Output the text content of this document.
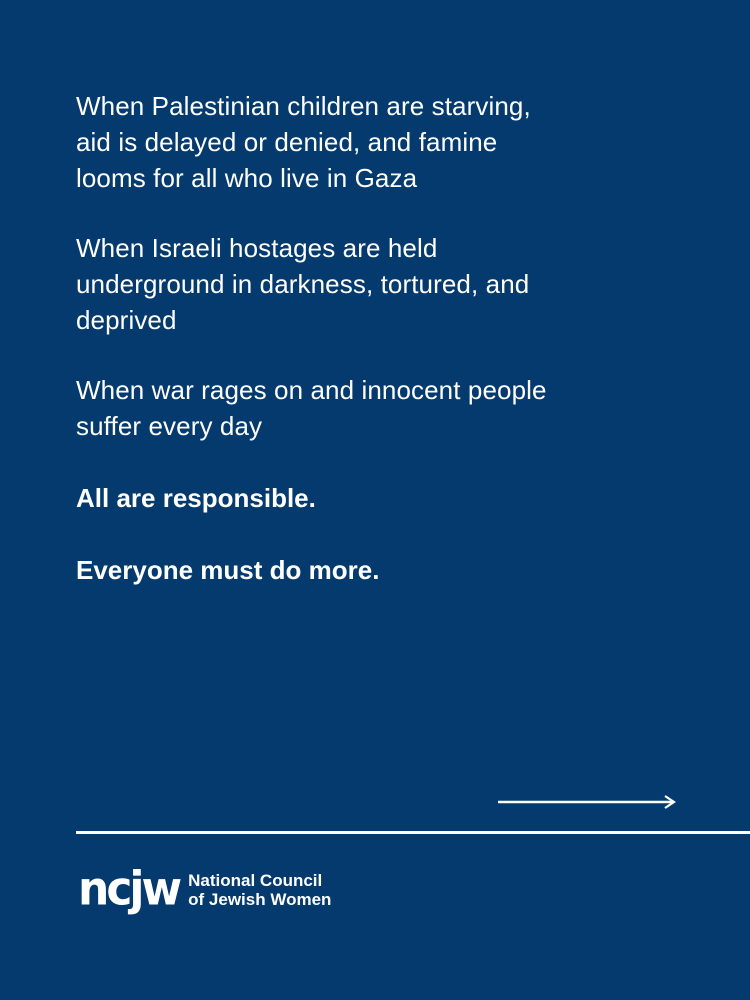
When Palestinian children are starving,
aid is delayed or denied, and famine
looms for all who live in Gaza

When Israeli hostages are held
underground in darkness, tortured, and
deprived

When war rages on and innocent people
suffer every day

All are responsible.

Everyone must do more.

ncjw National Council
of Jewish Women
